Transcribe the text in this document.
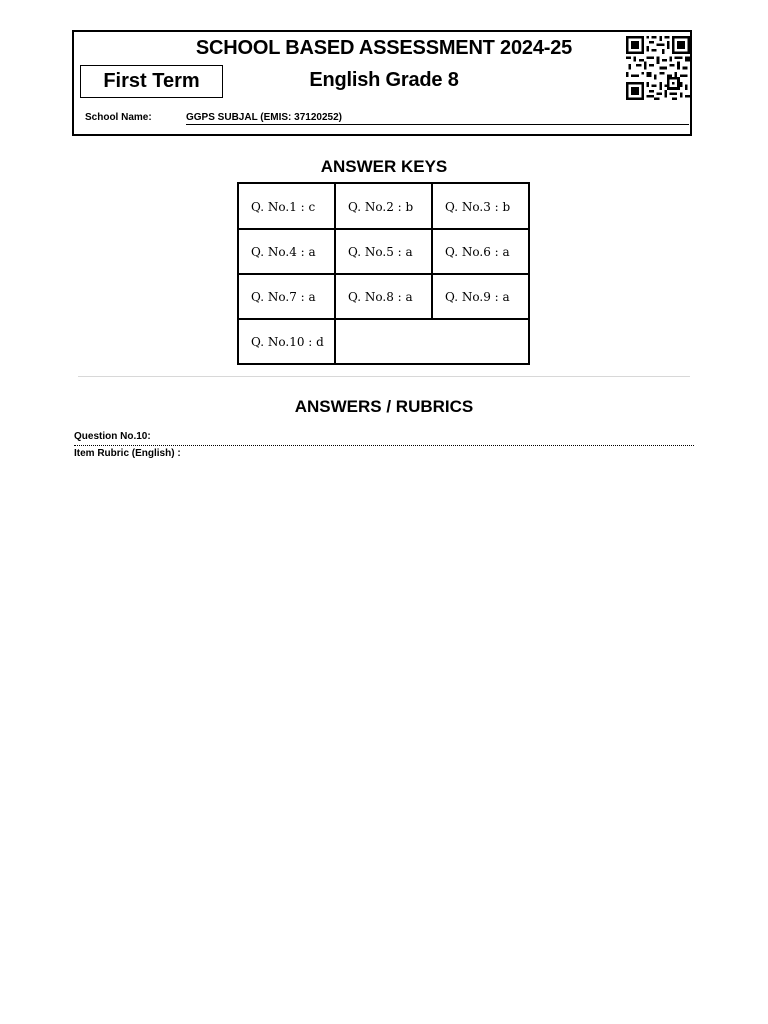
SCHOOL BASED ASSESSMENT 2024-25
English Grade 8
First Term
School Name:	GGPS SUBJAL (EMIS: 37120252)
ANSWER KEYS
Q. No.1 : c	Q. No.2 : b	Q. No.3 : b
Q. No.4 : a	Q. No.5 : a	Q. No.6 : a
Q. No.7 : a	Q. No.8 : a	Q. No.9 : a
Q. No.10 : d
ANSWERS / RUBRICS
Question No.10:
Item Rubric (English) :
